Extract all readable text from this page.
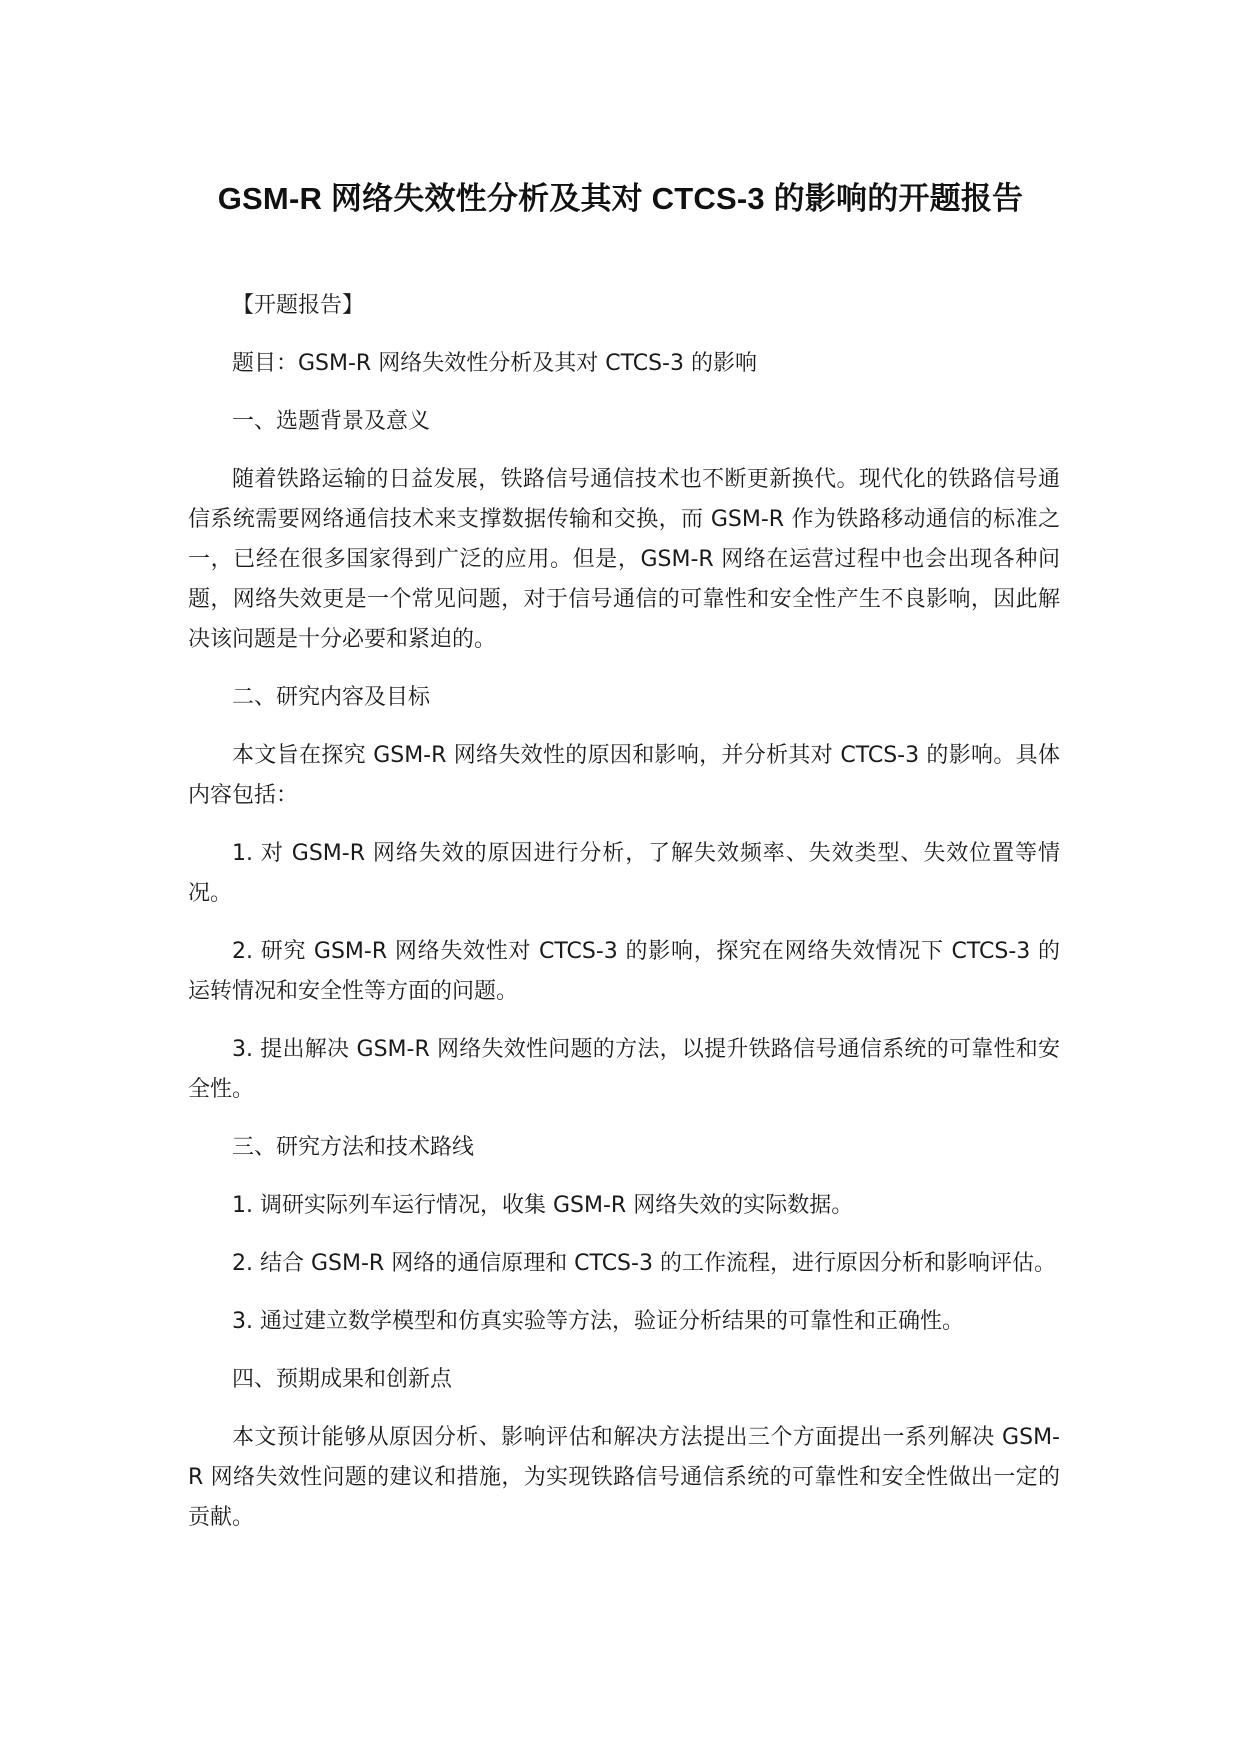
GSM-R 网络失效性分析及其对 CTCS-3 的影响的开题报告

【开题报告】

题目：GSM-R 网络失效性分析及其对 CTCS-3 的影响

一、选题背景及意义

随着铁路运输的日益发展，铁路信号通信技术也不断更新换代。现代化的铁路信号通信系统需要网络通信技术来支撑数据传输和交换，而 GSM-R 作为铁路移动通信的标准之一，已经在很多国家得到广泛的应用。但是，GSM-R 网络在运营过程中也会出现各种问题，网络失效更是一个常见问题，对于信号通信的可靠性和安全性产生不良影响，因此解决该问题是十分必要和紧迫的。

二、研究内容及目标

本文旨在探究 GSM-R 网络失效性的原因和影响，并分析其对 CTCS-3 的影响。具体内容包括：

1. 对 GSM-R 网络失效的原因进行分析，了解失效频率、失效类型、失效位置等情况。

2. 研究 GSM-R 网络失效性对 CTCS-3 的影响，探究在网络失效情况下 CTCS-3 的运转情况和安全性等方面的问题。

3. 提出解决 GSM-R 网络失效性问题的方法，以提升铁路信号通信系统的可靠性和安全性。

三、研究方法和技术路线

1. 调研实际列车运行情况，收集 GSM-R 网络失效的实际数据。

2. 结合 GSM-R 网络的通信原理和 CTCS-3 的工作流程，进行原因分析和影响评估。

3. 通过建立数学模型和仿真实验等方法，验证分析结果的可靠性和正确性。

四、预期成果和创新点

本文预计能够从原因分析、影响评估和解决方法提出三个方面提出一系列解决 GSM-R 网络失效性问题的建议和措施，为实现铁路信号通信系统的可靠性和安全性做出一定的贡献。
